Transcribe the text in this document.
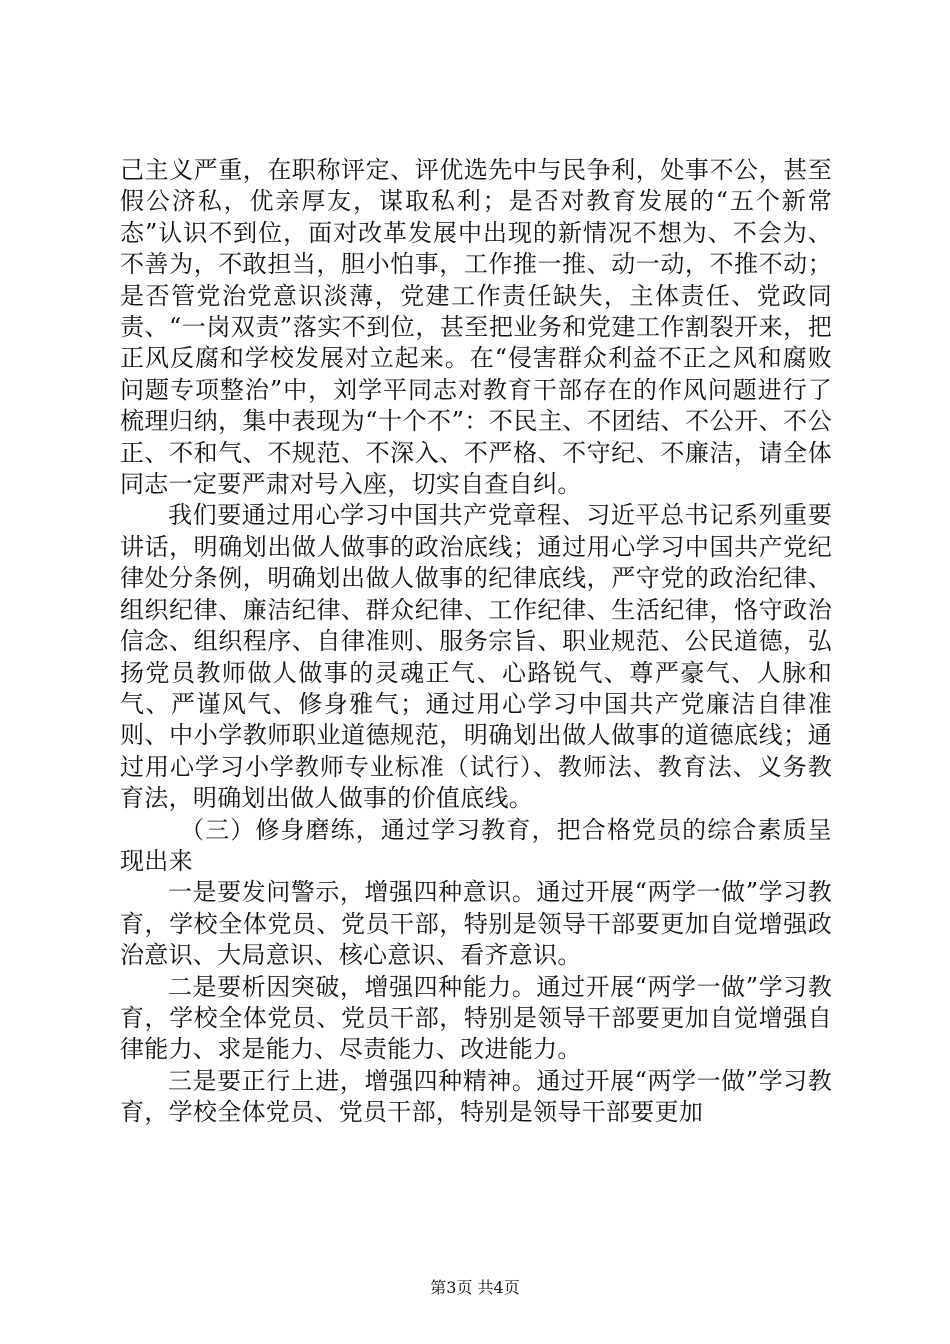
己主义严重，在职称评定、评优选先中与民争利，处事不公，甚至假公济私，优亲厚友，谋取私利；是否对教育发展的“五个新常态”认识不到位，面对改革发展中出现的新情况不想为、不会为、不善为，不敢担当，胆小怕事，工作推一推、动一动，不推不动；是否管党治党意识淡薄，党建工作责任缺失，主体责任、党政同责、“一岗双责”落实不到位，甚至把业务和党建工作割裂开来，把正风反腐和学校发展对立起来。在“侵害群众利益不正之风和腐败问题专项整治”中，刘学平同志对教育干部存在的作风问题进行了梳理归纳，集中表现为“十个不”：不民主、不团结、不公开、不公正、不和气、不规范、不深入、不严格、不守纪、不廉洁，请全体同志一定要严肃对号入座，切实自查自纠。

我们要通过用心学习中国共产党章程、习近平总书记系列重要讲话，明确划出做人做事的政治底线；通过用心学习中国共产党纪律处分条例，明确划出做人做事的纪律底线，严守党的政治纪律、组织纪律、廉洁纪律、群众纪律、工作纪律、生活纪律，恪守政治信念、组织程序、自律准则、服务宗旨、职业规范、公民道德，弘扬党员教师做人做事的灵魂正气、心路锐气、尊严豪气、人脉和气、严谨风气、修身雅气；通过用心学习中国共产党廉洁自律准则、中小学教师职业道德规范，明确划出做人做事的道德底线；通过用心学习小学教师专业标准（试行）、教师法、教育法、义务教育法，明确划出做人做事的价值底线。

（三）修身磨练，通过学习教育，把合格党员的综合素质呈现出来

一是要发问警示，增强四种意识。通过开展“两学一做”学习教育，学校全体党员、党员干部，特别是领导干部要更加自觉增强政治意识、大局意识、核心意识、看齐意识。

二是要析因突破，增强四种能力。通过开展“两学一做”学习教育，学校全体党员、党员干部，特别是领导干部要更加自觉增强自律能力、求是能力、尽责能力、改进能力。

三是要正行上进，增强四种精神。通过开展“两学一做”学习教育，学校全体党员、党员干部，特别是领导干部要更加

第3页 共4页
